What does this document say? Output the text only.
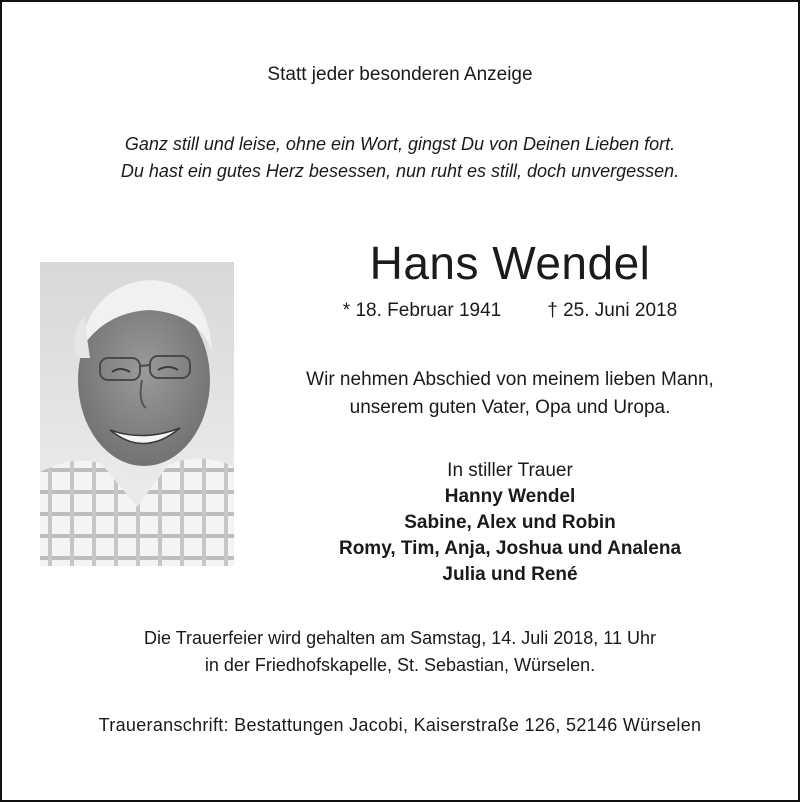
Statt jeder besonderen Anzeige
Ganz still und leise, ohne ein Wort, gingst Du von Deinen Lieben fort.
Du hast ein gutes Herz besessen, nun ruht es still, doch unvergessen.
Hans Wendel
* 18. Februar 1941 † 25. Juni 2018
Wir nehmen Abschied von meinem lieben Mann,
unserem guten Vater, Opa und Uropa.
In stiller Trauer
Hanny Wendel
Sabine, Alex und Robin
Romy, Tim, Anja, Joshua und Analena
Julia und René
Die Trauerfeier wird gehalten am Samstag, 14. Juli 2018, 11 Uhr
in der Friedhofskapelle, St. Sebastian, Würselen.
Traueranschrift: Bestattungen Jacobi, Kaiserstraße 126, 52146 Würselen
